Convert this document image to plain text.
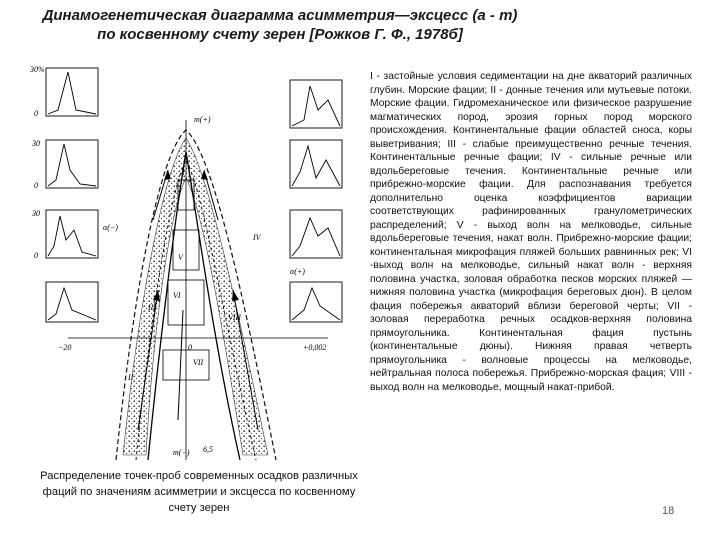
Динамогенетическая диаграмма асимметрия—эксцесс (a - m)
по косвенному счету зерен [Рожков Г. Ф., 1978б]
30%
0
30
0
30
0
m(+)
α(−)
α(+)
m(−)
−20	0	+0,002
6,5
I
II
III
IV
V
VI
VII
VIII
Распределение точек-проб современных осадков различных фаций по значениям асимметрии и эксцесса по косвенному счету зерен
I - застойные условия седиментации на дне акваторий различных глубин. Морские фации; II - донные течения или мутьевые потоки. Морские фации. Гидромеханическое или физическое разрушение магматических пород, эрозия горных пород морского происхождения. Континентальные фации областей сноса, коры выветривания; III - слабые преимущественно речные течения. Континентальные речные фации; IV - сильные речные или вдольбереговые течения. Континентальные речные или прибрежно-морские фации. Для распознавания требуется дополнительно оценка коэффициентов вариации соответствующих рафинированных гранулометрических распределений; V - выход волн на мелководье, сильные вдольбереговые течения, накат волн. Прибрежно-морские фации; континентальная микрофация пляжей больших равнинных рек; VI -выход волн на мелководье, сильный накат волн - верхняя половина участка, золовая обработка песков морских пляжей — нижняя половина участка (микрофация береговых дюн). В целом фация побережья акваторий вблизи береговой черты; VII - золовая переработка речных осадков-верхняя половина прямоугольника. Континентальная фация пустынь (континентальные дюны). Нижняя правая четверть прямоугольника - волновые процессы на мелководье, нейтральная полоса побережья. Прибрежно-морская фация; VIII - выход волн на мелководье, мощный накат-прибой.
18
